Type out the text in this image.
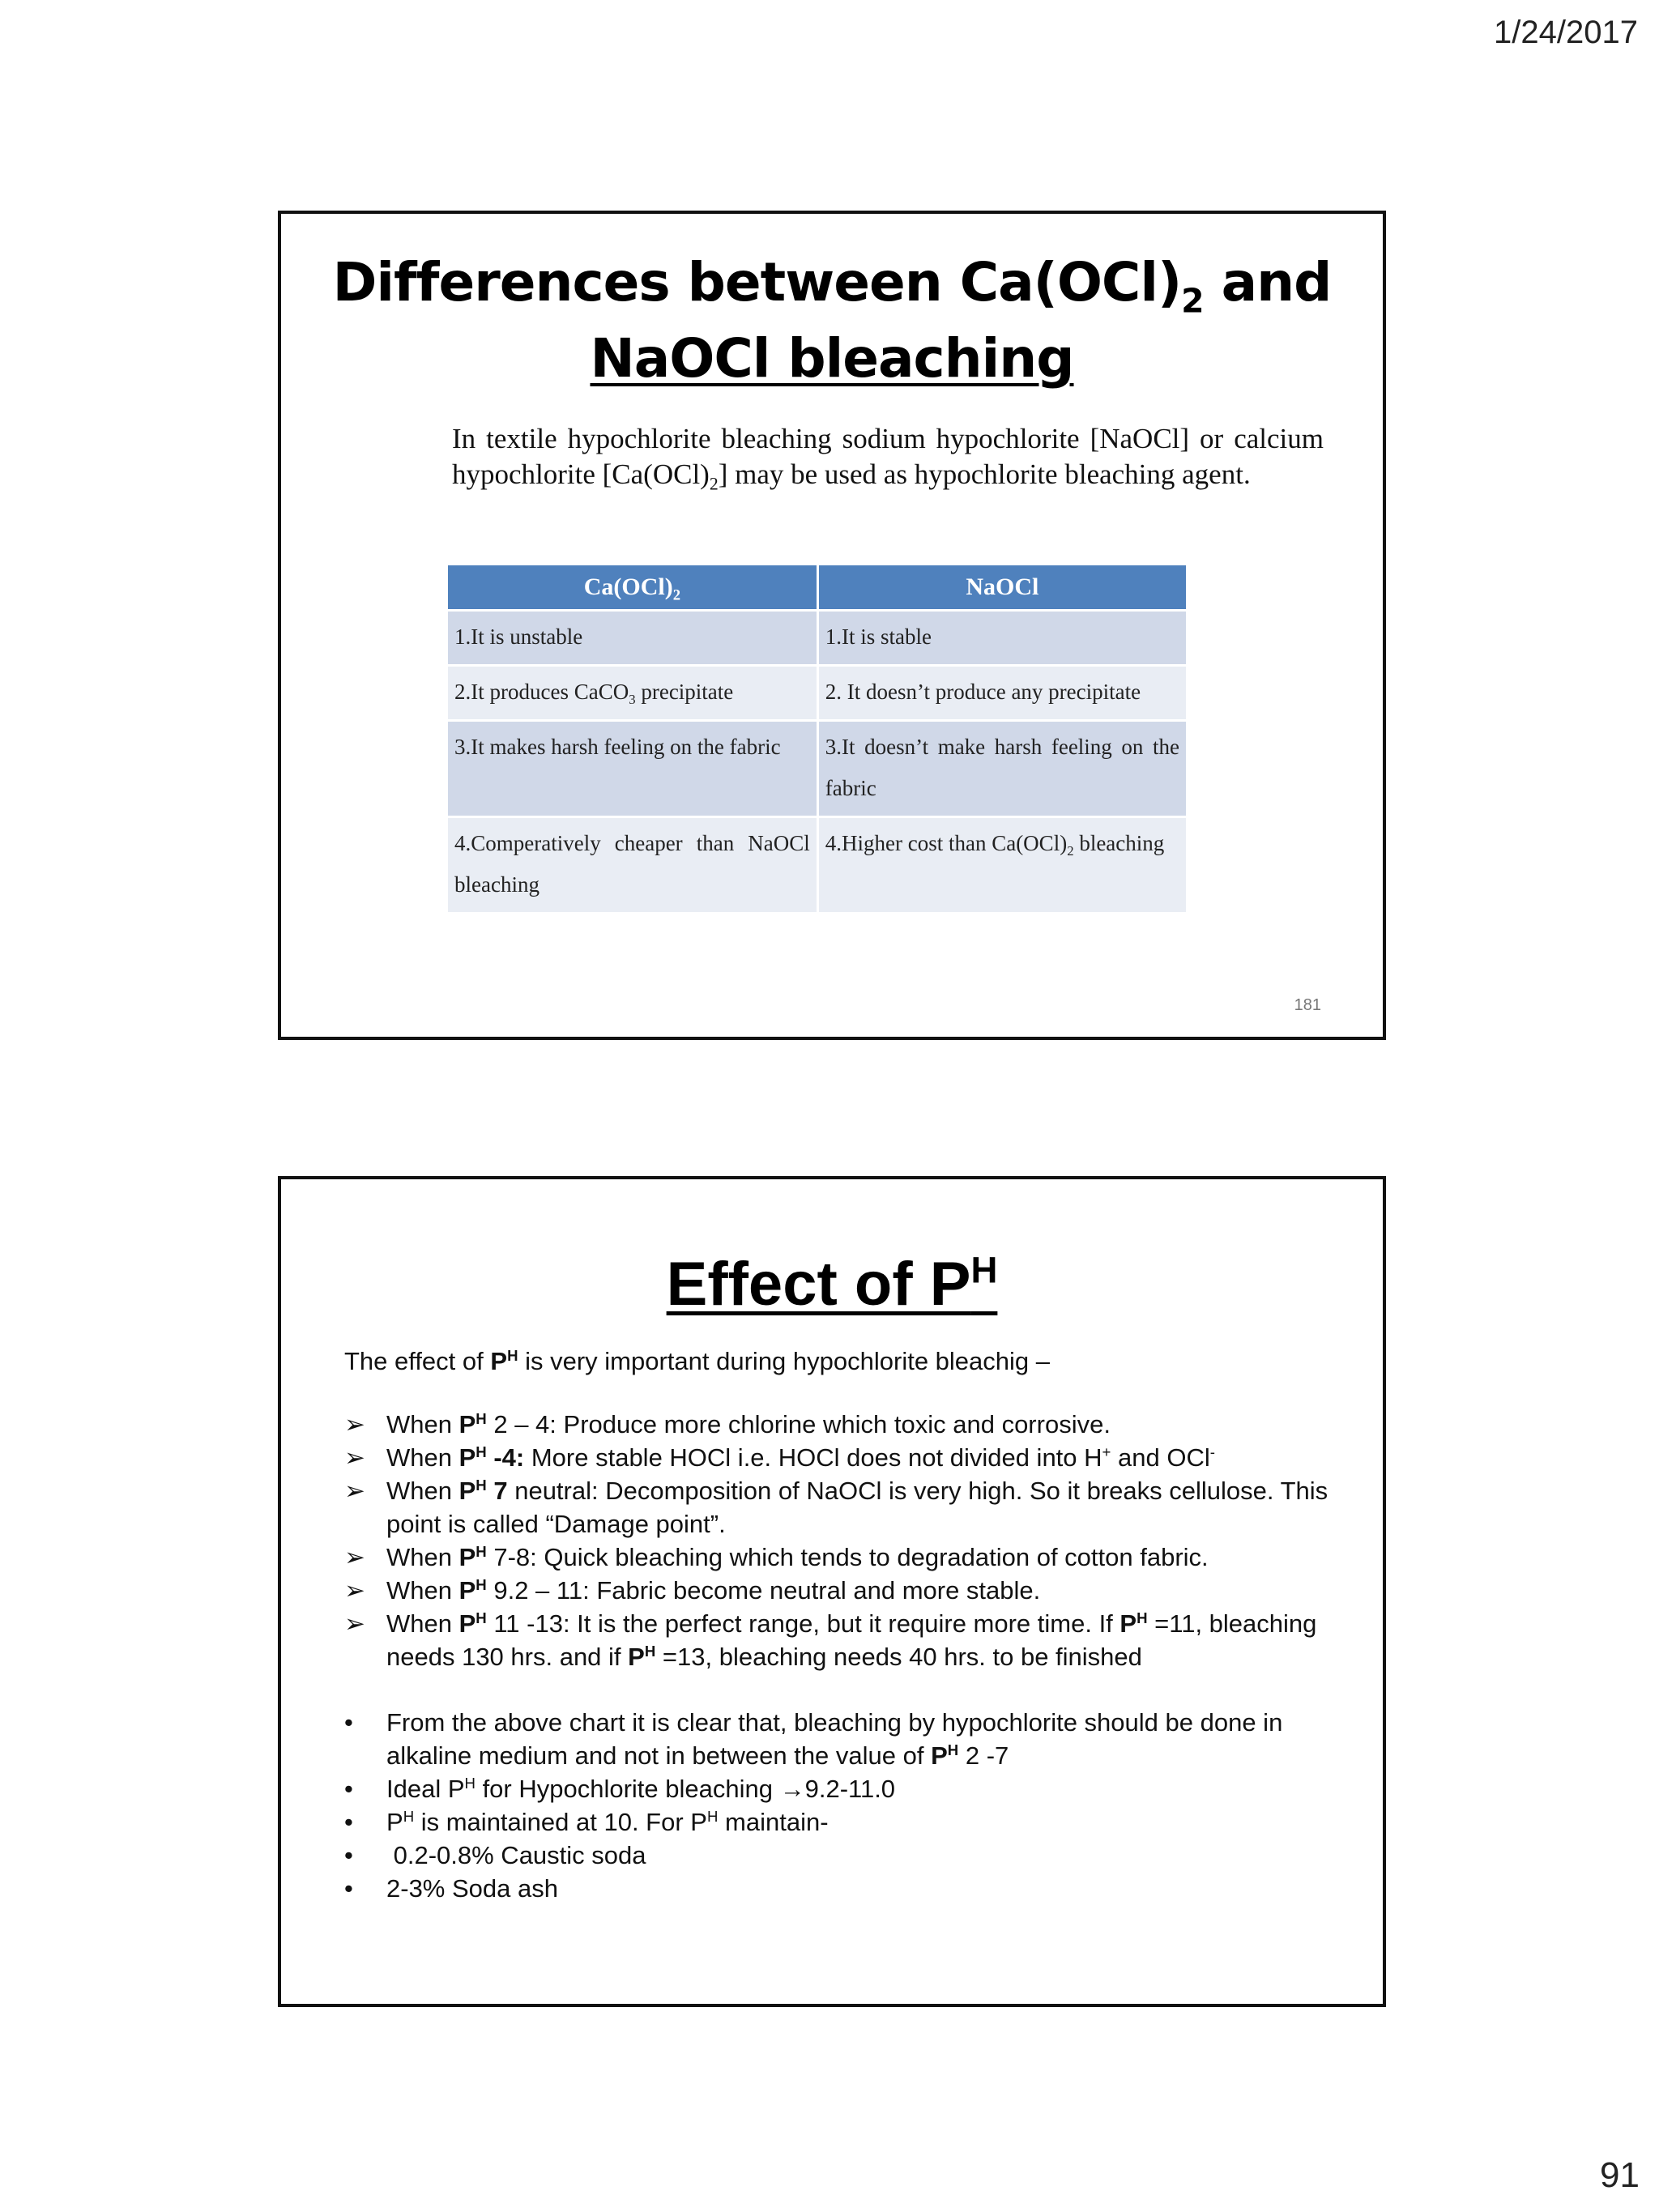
1/24/2017
Differences between $Ca(OCl)_2$ and
NaOCl bleaching
In textile hypochlorite bleaching sodium hypochlorite [NaOCl] or calcium hypochlorite $[Ca(OCl)_2]$ may be used as hypochlorite bleaching agent.
$Ca(OCl)_2$	NaOCl
1.It is unstable	1.It is stable
2.It produces CaCO$_3$ precipitate	2. It doesn’t produce any precipitate
3.It makes harsh feeling on the fabric	3.It doesn’t make harsh feeling on the fabric
4.Comperatively cheaper than NaOCl bleaching	4.Higher cost than $Ca(OCl)_2$ bleaching
181
Effect of $P^H$
The effect of $P^H$ is very important during hypochlorite bleachig –
➢ When $P^H$ 2 – 4: Produce more chlorine which toxic and corrosive.
➢ When $P^H$ -4: More stable HOCl i.e. HOCl does not divided into H+ and OCl-
➢ When $P^H$ 7 neutral: Decomposition of NaOCl is very high. So it breaks cellulose. This point is called “Damage point”.
➢ When $P^H$ 7-8: Quick bleaching which tends to degradation of cotton fabric.
➢ When $P^H$ 9.2 – 11: Fabric become neutral and more stable.
➢ When $P^H$ 11 -13: It is the perfect range, but it require more time. If $P^H =11$, bleaching needs 130 hrs. and if $P^H =13$, bleaching needs 40 hrs. to be finished
•	From the above chart it is clear that, bleaching by hypochlorite should be done in alkaline medium and not in between the value of $P^H$ 2 -7
•	Ideal $P^H$ for Hypochlorite bleaching →9.2-11.0
•	$P^H$ is maintained at 10. For $P^H$ maintain-
•	0.2-0.8% Caustic soda
•	2-3% Soda ash
91
